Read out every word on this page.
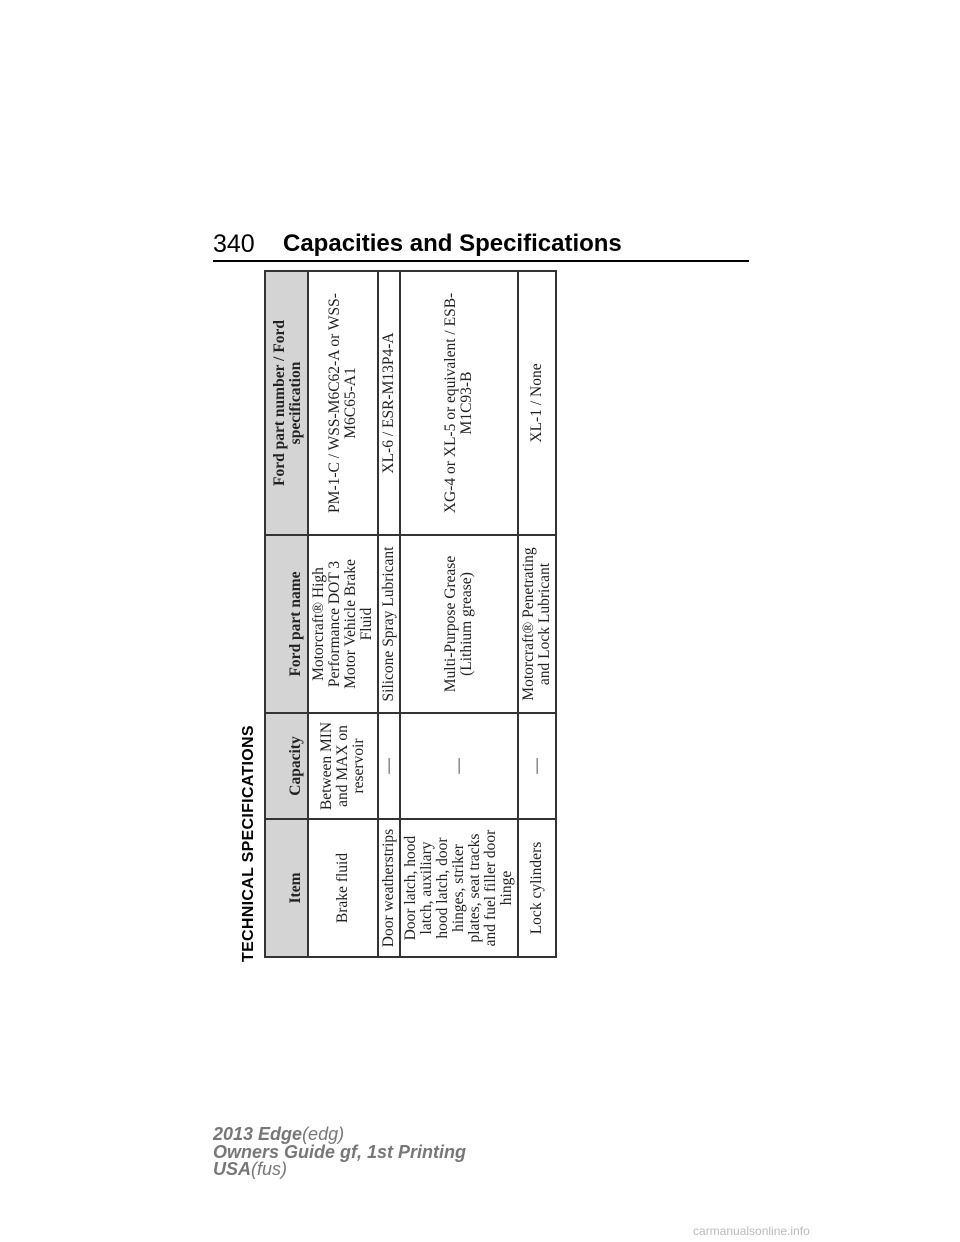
340 Capacities and Specifications
TECHNICAL SPECIFICATIONS	Item	Capacity	Ford part name	Ford part number / Ford specification
Brake fluid	Between MIN and MAX on reservoir	Motorcraft® High Performance DOT 3 Motor Vehicle Brake Fluid	PM-1-C / WSS-M6C62-A or WSS-M6C65-A1
Door weatherstrips	—	Silicone Spray Lubricant	XL-6 / ESR-M13P4-A
Door latch, hood latch, auxiliary hood latch, door hinges, striker plates, seat tracks and fuel filler door hinge	—	Multi-Purpose Grease (Lithium grease)	XG-4 or XL-5 or equivalent / ESB-M1C93-B
Lock cylinders	—	Motorcraft® Penetrating and Lock Lubricant	XL-1 / None
2013 Edge(edg)
Owners Guide gf, 1st Printing
USA(fus)
carmanualsonline.info
